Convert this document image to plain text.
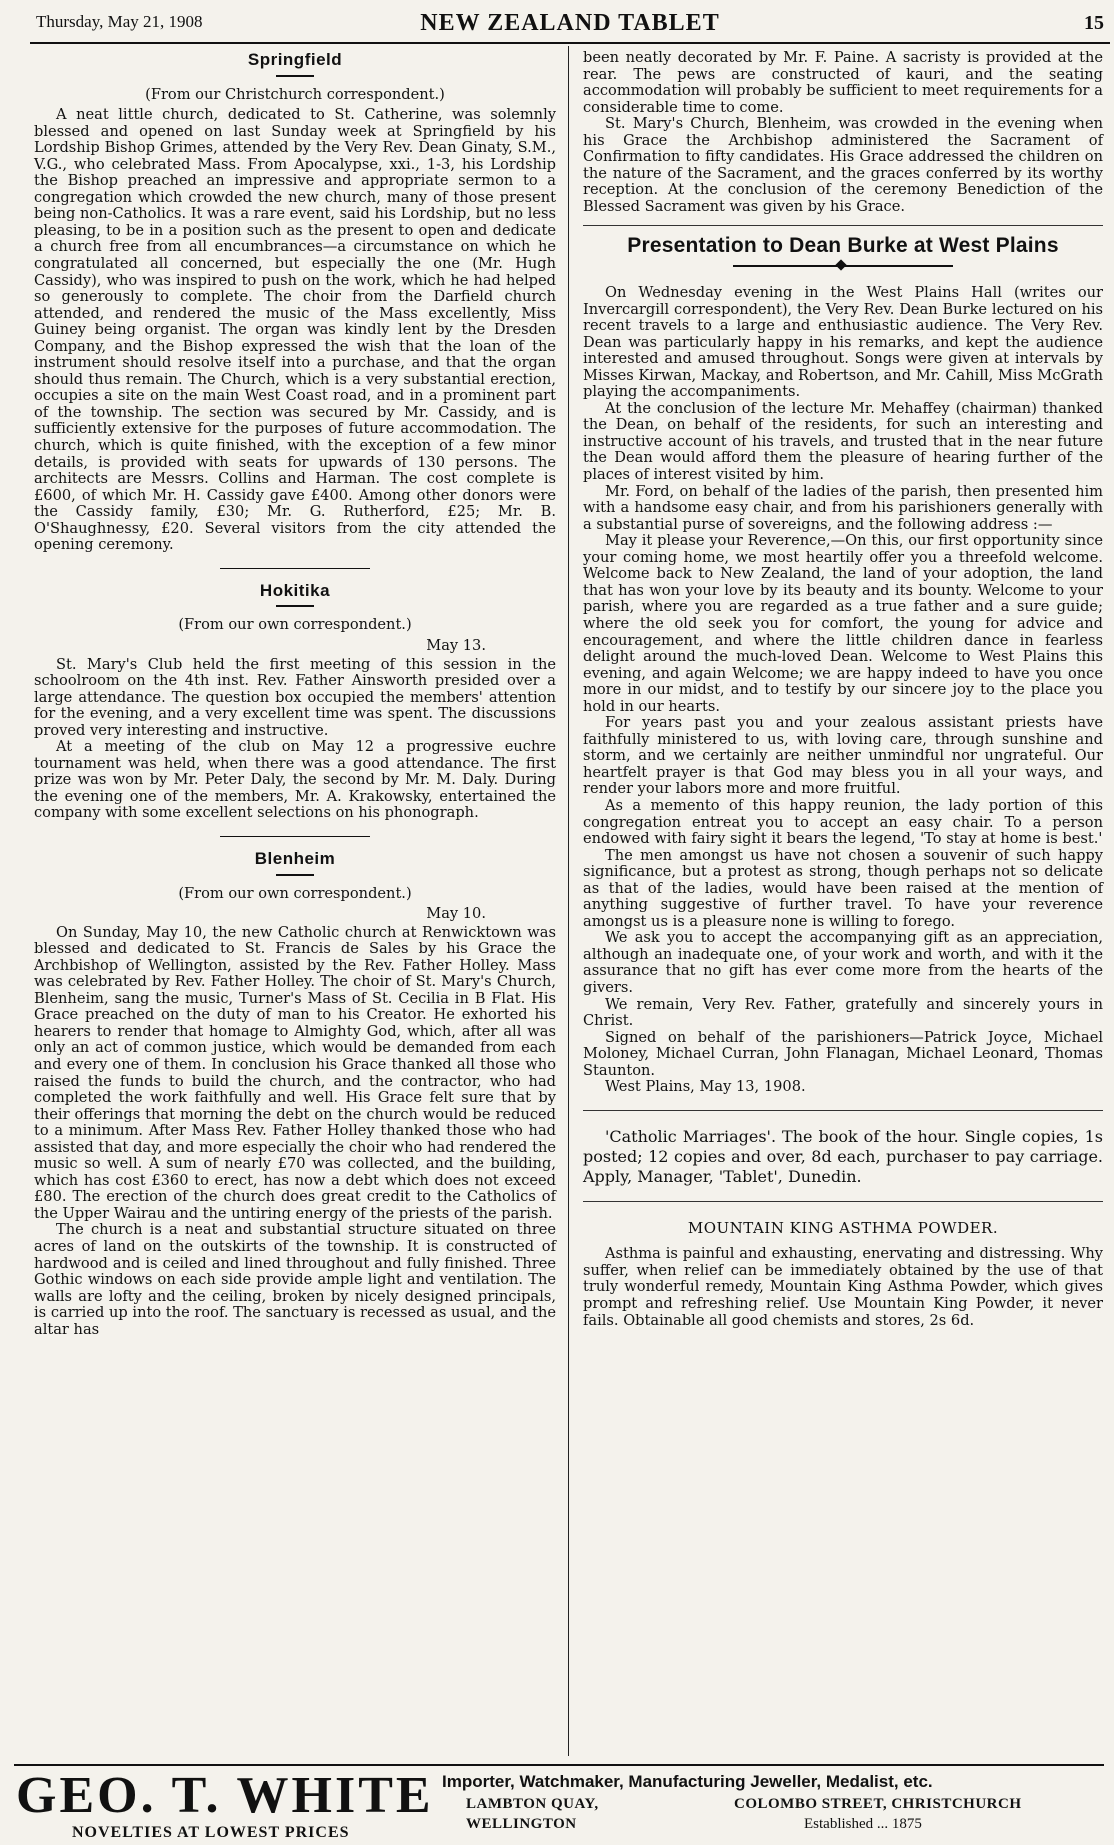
Thursday, May 21, 1908	NEW ZEALAND TABLET	15
Springfield
(From our Christchurch correspondent.)

A neat little church, dedicated to St. Catherine, was solemnly blessed and opened on last Sunday week at Springfield by his Lordship Bishop Grimes, attended by the Very Rev. Dean Ginaty, S.M., V.G., who celebrated Mass. From Apocalypse, xxi., 1-3, his Lordship the Bishop preached an impressive and appropriate sermon to a congregation which crowded the new church, many of those present being non-Catholics. It was a rare event, said his Lordship, but no less pleasing, to be in a position such as the present to open and dedicate a church free from all encumbrances—a circumstance on which he congratulated all concerned, but especially the one (Mr. Hugh Cassidy), who was inspired to push on the work, which he had helped so generously to complete. The choir from the Darfield church attended, and rendered the music of the Mass excellently, Miss Guiney being organist. The organ was kindly lent by the Dresden Company, and the Bishop expressed the wish that the loan of the instrument should resolve itself into a purchase, and that the organ should thus remain. The Church, which is a very substantial erection, occupies a site on the main West Coast road, and in a prominent part of the township. The section was secured by Mr. Cassidy, and is sufficiently extensive for the purposes of future accommodation. The church, which is quite finished, with the exception of a few minor details, is provided with seats for upwards of 130 persons. The architects are Messrs. Collins and Harman. The cost complete is £600, of which Mr. H. Cassidy gave £400. Among other donors were the Cassidy family, £30; Mr. G. Rutherford, £25; Mr. B. O'Shaughnessy, £20. Several visitors from the city attended the opening ceremony.

Hokitika
(From our own correspondent.)
May 13.

St. Mary's Club held the first meeting of this session in the schoolroom on the 4th inst. Rev. Father Ainsworth presided over a large attendance. The question box occupied the members' attention for the evening, and a very excellent time was spent. The discussions proved very interesting and instructive.

At a meeting of the club on May 12 a progressive euchre tournament was held, when there was a good attendance. The first prize was won by Mr. Peter Daly, the second by Mr. M. Daly. During the evening one of the members, Mr. A. Krakowsky, entertained the company with some excellent selections on his phonograph.

Blenheim
(From our own correspondent.)
May 10.

On Sunday, May 10, the new Catholic church at Renwicktown was blessed and dedicated to St. Francis de Sales by his Grace the Archbishop of Wellington, assisted by the Rev. Father Holley. Mass was celebrated by Rev. Father Holley. The choir of St. Mary's Church, Blenheim, sang the music, Turner's Mass of St. Cecilia in B Flat. His Grace preached on the duty of man to his Creator. He exhorted his hearers to render that homage to Almighty God, which, after all was only an act of common justice, which would be demanded from each and every one of them. In conclusion his Grace thanked all those who raised the funds to build the church, and the contractor, who had completed the work faithfully and well. His Grace felt sure that by their offerings that morning the debt on the church would be reduced to a minimum. After Mass Rev. Father Holley thanked those who had assisted that day, and more especially the choir who had rendered the music so well. A sum of nearly £70 was collected, and the building, which has cost £360 to erect, has now a debt which does not exceed £80. The erection of the church does great credit to the Catholics of the Upper Wairau and the untiring energy of the priests of the parish.

The church is a neat and substantial structure situated on three acres of land on the outskirts of the township. It is constructed of hardwood and is ceiled and lined throughout and fully finished. Three Gothic windows on each side provide ample light and ventilation. The walls are lofty and the ceiling, broken by nicely designed principals, is carried up into the roof. The sanctuary is recessed as usual, and the altar has

been neatly decorated by Mr. F. Paine. A sacristy is provided at the rear. The pews are constructed of kauri, and the seating accommodation will probably be sufficient to meet requirements for a considerable time to come.

St. Mary's Church, Blenheim, was crowded in the evening when his Grace the Archbishop administered the Sacrament of Confirmation to fifty candidates. His Grace addressed the children on the nature of the Sacrament, and the graces conferred by its worthy reception. At the conclusion of the ceremony Benediction of the Blessed Sacrament was given by his Grace.

Presentation to Dean Burke at West Plains

On Wednesday evening in the West Plains Hall (writes our Invercargill correspondent), the Very Rev. Dean Burke lectured on his recent travels to a large and enthusiastic audience. The Very Rev. Dean was particularly happy in his remarks, and kept the audience interested and amused throughout. Songs were given at intervals by Misses Kirwan, Mackay, and Robertson, and Mr. Cahill, Miss McGrath playing the accompaniments.

At the conclusion of the lecture Mr. Mehaffey (chairman) thanked the Dean, on behalf of the residents, for such an interesting and instructive account of his travels, and trusted that in the near future the Dean would afford them the pleasure of hearing further of the places of interest visited by him.

Mr. Ford, on behalf of the ladies of the parish, then presented him with a handsome easy chair, and from his parishioners generally with a substantial purse of sovereigns, and the following address :—

May it please your Reverence,—On this, our first opportunity since your coming home, we most heartily offer you a threefold welcome. Welcome back to New Zealand, the land of your adoption, the land that has won your love by its beauty and its bounty. Welcome to your parish, where you are regarded as a true father and a sure guide; where the old seek you for comfort, the young for advice and encouragement, and where the little children dance in fearless delight around the much-loved Dean. Welcome to West Plains this evening, and again Welcome; we are happy indeed to have you once more in our midst, and to testify by our sincere joy to the place you hold in our hearts.

For years past you and your zealous assistant priests have faithfully ministered to us, with loving care, through sunshine and storm, and we certainly are neither unmindful nor ungrateful. Our heartfelt prayer is that God may bless you in all your ways, and render your labors more and more fruitful.

As a memento of this happy reunion, the lady portion of this congregation entreat you to accept an easy chair. To a person endowed with fairy sight it bears the legend, 'To stay at home is best.'

The men amongst us have not chosen a souvenir of such happy significance, but a protest as strong, though perhaps not so delicate as that of the ladies, would have been raised at the mention of anything suggestive of further travel. To have your reverence amongst us is a pleasure none is willing to forego.

We ask you to accept the accompanying gift as an appreciation, although an inadequate one, of your work and worth, and with it the assurance that no gift has ever come more from the hearts of the givers.

We remain, Very Rev. Father, gratefully and sincerely yours in Christ.

Signed on behalf of the parishioners—Patrick Joyce, Michael Moloney, Michael Curran, John Flanagan, Michael Leonard, Thomas Staunton.

West Plains, May 13, 1908.

'Catholic Marriages'. The book of the hour. Single copies, 1s posted; 12 copies and over, 8d each, purchaser to pay carriage. Apply, Manager, 'Tablet', Dunedin.

MOUNTAIN KING ASTHMA POWDER.

Asthma is painful and exhausting, enervating and distressing. Why suffer, when relief can be immediately obtained by the use of that truly wonderful remedy, Mountain King Asthma Powder, which gives prompt and refreshing relief. Use Mountain King Powder, it never fails. Obtainable all good chemists and stores, 2s 6d.

GEO. T. WHITE
NOVELTIES AT LOWEST PRICES
Importer, Watchmaker, Manufacturing Jeweller, Medalist, etc.
LAMBTON QUAY,	COLOMBO STREET, CHRISTCHURCH
WELLINGTON	Established ... 1875
